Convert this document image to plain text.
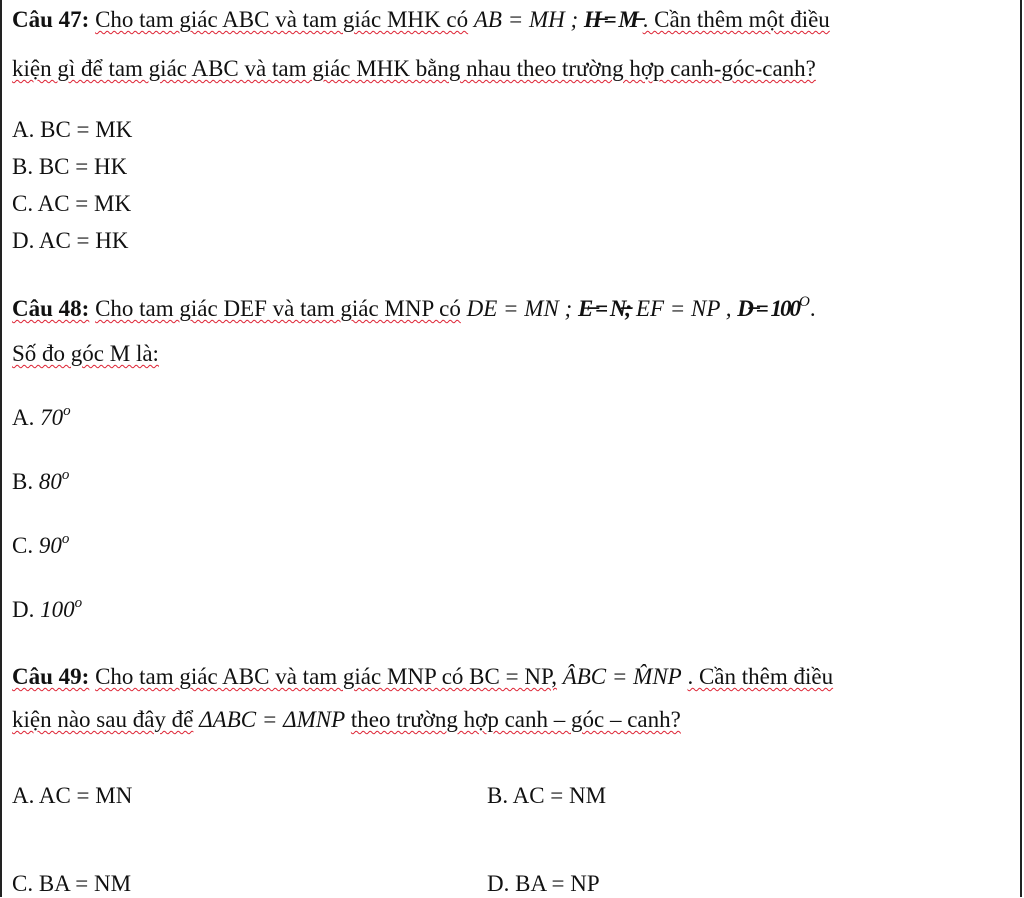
Câu 47: Cho tam giác ABC và tam giác MHK có AB = MH ; H̶ = M̶ . Cần thêm một điều
kiện gì để tam giác ABC và tam giác MHK bằng nhau theo trường hợp canh-góc-canh?
A. BC = MK
B. BC = HK
C. AC = MK
D. AC = HK
Câu 48: Cho tam giác DEF và tam giác MNP có DE = MN ; E̶ = N̶; EF = NP , D̶ = $100^O$.
Số đo góc M là:
A. 70$^o$
B. 80$^o$
C. 90$^o$
D. 100$^o$
Câu 49: Cho tam giác ABC và tam giác MNP có BC = NP, ÂBC = M̂NP . Cần thêm điều
kiện nào sau đây để ΔABC = ΔMNP theo trường hợp canh – góc – canh?
A. AC = MN	B. AC = NM
C. BA = NM	D. BA = NP
